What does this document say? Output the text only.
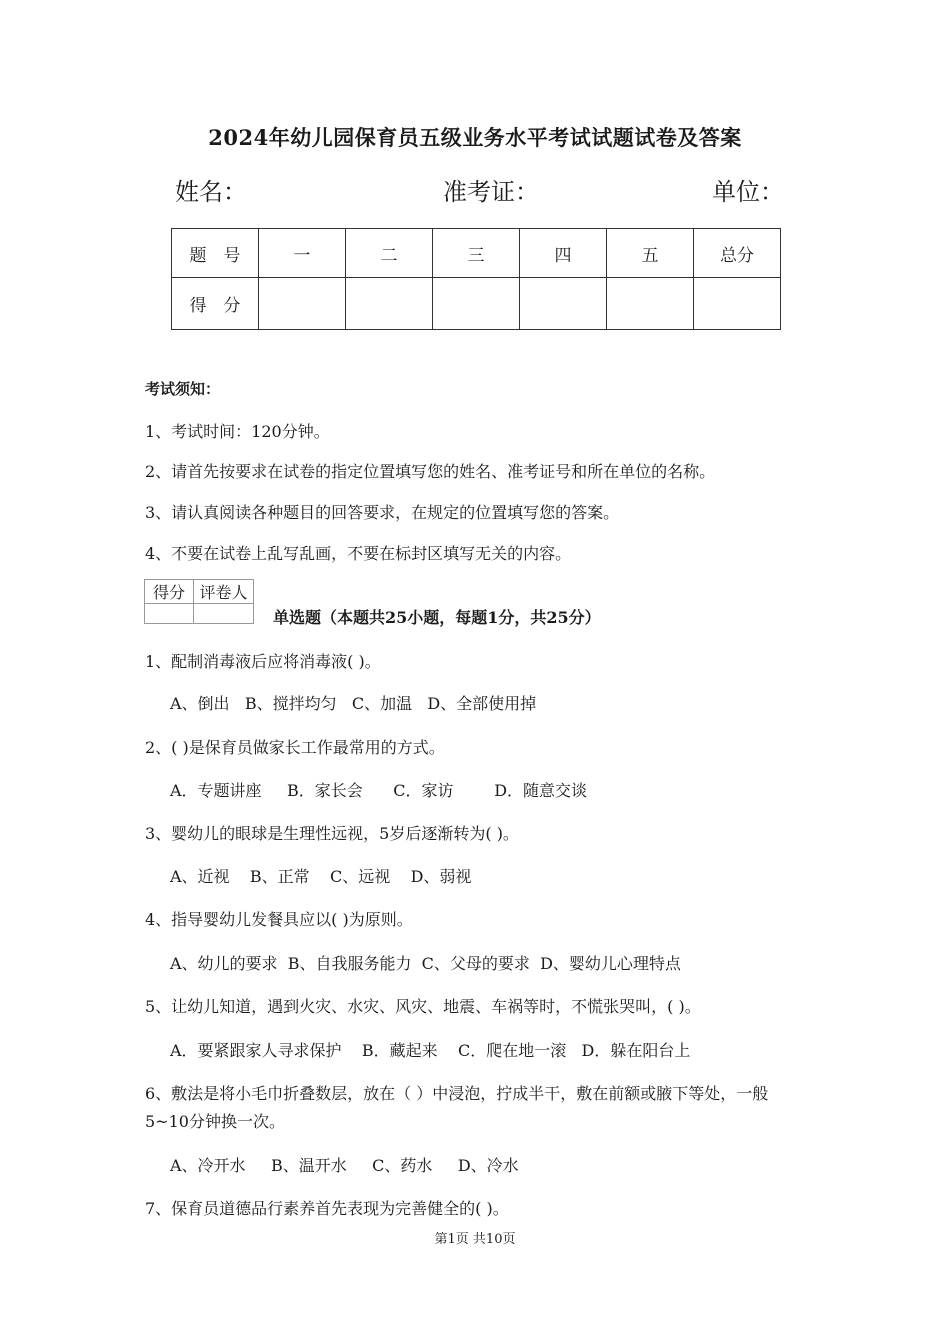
2024年幼儿园保育员五级业务水平考试试题试卷及答案
姓名：	准考证：	单位：
题　号	一	二	三	四	五	总分
得　分						
考试须知：
1、考试时间：120分钟。
2、请首先按要求在试卷的指定位置填写您的姓名、准考证号和所在单位的名称。
3、请认真阅读各种题目的回答要求，在规定的位置填写您的答案。
4、不要在试卷上乱写乱画，不要在标封区填写无关的内容。
得分	评卷人

单选题（本题共25小题，每题1分，共25分）
1、配制消毒液后应将消毒液( )。
A、倒出   B、搅拌均匀   C、加温   D、全部使用掉
2、( )是保育员做家长工作最常用的方式。
A．专题讲座     B．家长会      C．家访        D．随意交谈
3、婴幼儿的眼球是生理性远视，5岁后逐渐转为( )。
A、近视    B、正常    C、远视    D、弱视
4、指导婴幼儿发餐具应以( )为原则。
A、幼儿的要求  B、自我服务能力  C、父母的要求  D、婴幼儿心理特点
5、让幼儿知道，遇到火灾、水灾、风灾、地震、车祸等时，不慌张哭叫，( )。
A．要紧跟家人寻求保护    B．藏起来    C．爬在地一滚   D．躲在阳台上
6、敷法是将小毛巾折叠数层，放在（ ）中浸泡，拧成半干，敷在前额或腋下等处，一般
5~10分钟换一次。
A、冷开水     B、温开水     C、药水     D、冷水
7、保育员道德品行素养首先表现为完善健全的( )。
第1页 共10页
